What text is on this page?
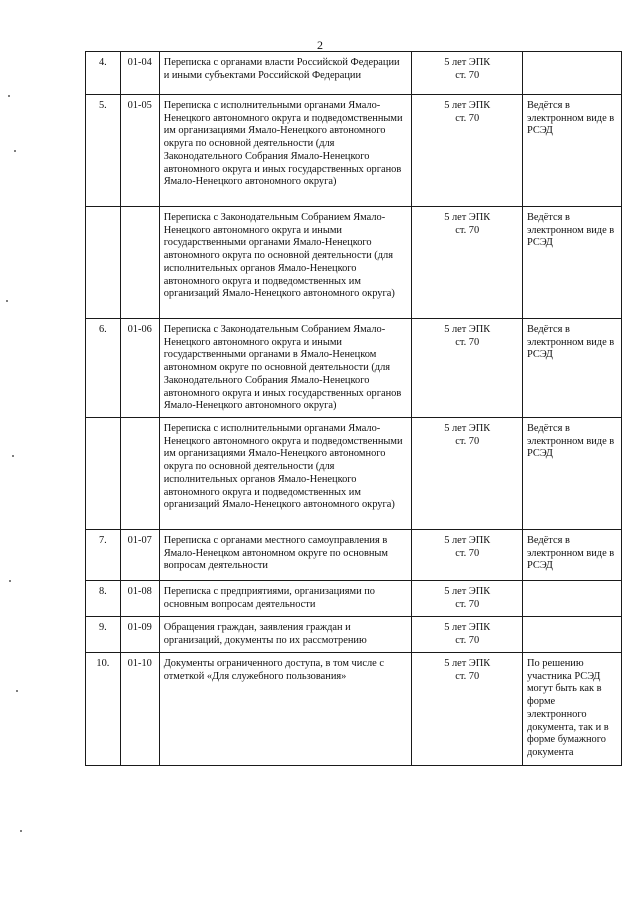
2
4.	01-04	Переписка с органами власти Российской Федерации и иными субъектами Российской Федерации	5 лет ЭПК
ст. 70	

5.	01-05	Переписка с исполнительными органами Ямало-Ненецкого автономного округа и подведомственными им организациями Ямало-Ненецкого автономного округа по основной деятельности (для Законодательного Собрания Ямало-Ненецкого автономного округа и иных государственных органов Ямало-Ненецкого автономного округа)	5 лет ЭПК
ст. 70	Ведётся в электронном виде в РСЭД
		Переписка с Законодательным Собранием Ямало-Ненецкого автономного округа и иными государственными органами Ямало-Ненецкого автономного округа по основной деятельности (для исполнительных органов Ямало-Ненецкого автономного округа и подведомственных им организаций Ямало-Ненецкого автономного округа)	5 лет ЭПК
ст. 70	Ведётся в электронном виде в РСЭД
6.	01-06	Переписка с Законодательным Собранием Ямало-Ненецкого автономного округа и иными государственными органами в Ямало-Ненецком автономном округе по основной деятельности (для Законодательного Собрания Ямало-Ненецкого автономного округа и иных государственных органов Ямало-Ненецкого автономного округа)	5 лет ЭПК
ст. 70	Ведётся в электронном виде в РСЭД
		Переписка с исполнительными органами Ямало-Ненецкого автономного округа и подведомственными им организациями Ямало-Ненецкого автономного округа по основной деятельности (для исполнительных органов Ямало-Ненецкого автономного округа и подведомственных им организаций Ямало-Ненецкого автономного округа)	5 лет ЭПК
ст. 70	Ведётся в электронном виде в РСЭД
7.	01-07	Переписка с органами местного самоуправления в Ямало-Ненецком автономном округе по основным вопросам деятельности	5 лет ЭПК
ст. 70	Ведётся в электронном виде в РСЭД
8.	01-08	Переписка с предприятиями, организациями по основным вопросам деятельности	5 лет ЭПК
ст. 70	

9.	01-09	Обращения граждан, заявления граждан и организаций, документы по их рассмотрению	5 лет ЭПК
ст. 70	

10.	01-10	Документы ограниченного доступа, в том числе с отметкой «Для служебного пользования»	5 лет ЭПК
ст. 70	По решению участника РСЭД могут быть как в форме электронного документа, так и в форме бумажного документа
